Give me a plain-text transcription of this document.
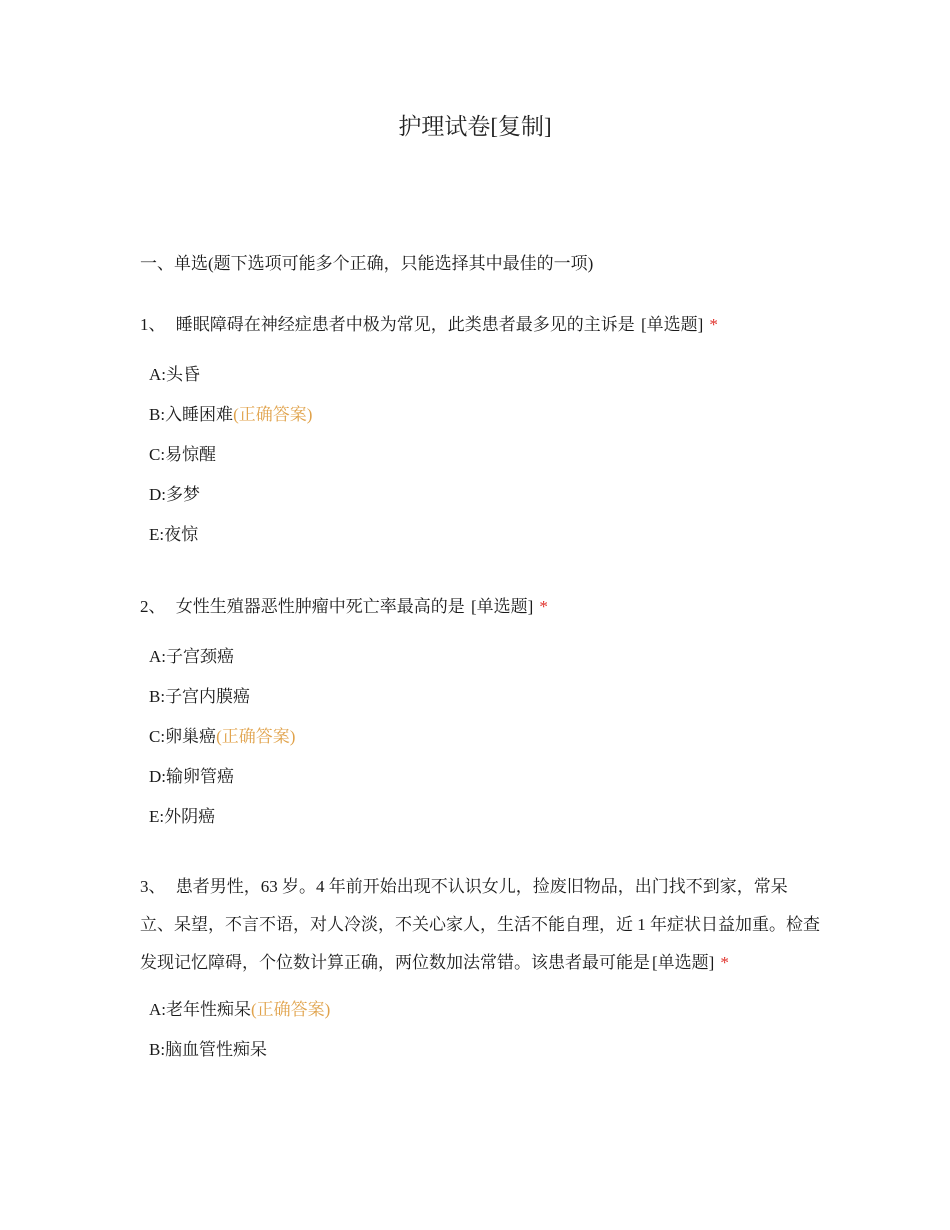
护理试卷[复制]
一、单选(题下选项可能多个正确，只能选择其中最佳的一项)

1、 睡眠障碍在神经症患者中极为常见，此类患者最多见的主诉是 [单选题] *

A:头昏
B:入睡困难(正确答案)
C:易惊醒
D:多梦
E:夜惊

2、 女性生殖器恶性肿瘤中死亡率最高的是 [单选题] *

A:子宫颈癌
B:子宫内膜癌
C:卵巢癌(正确答案)
D:输卵管癌
E:外阴癌

3、 患者男性，63 岁。4 年前开始出现不认识女儿，捡废旧物品，出门找不到家，常呆立、呆望，不言不语，对人冷淡，不关心家人，生活不能自理，近 1 年症状日益加重。检查发现记忆障碍，个位数计算正确，两位数加法常错。该患者最可能是 [单选题] *

A:老年性痴呆(正确答案)
B:脑血管性痴呆
